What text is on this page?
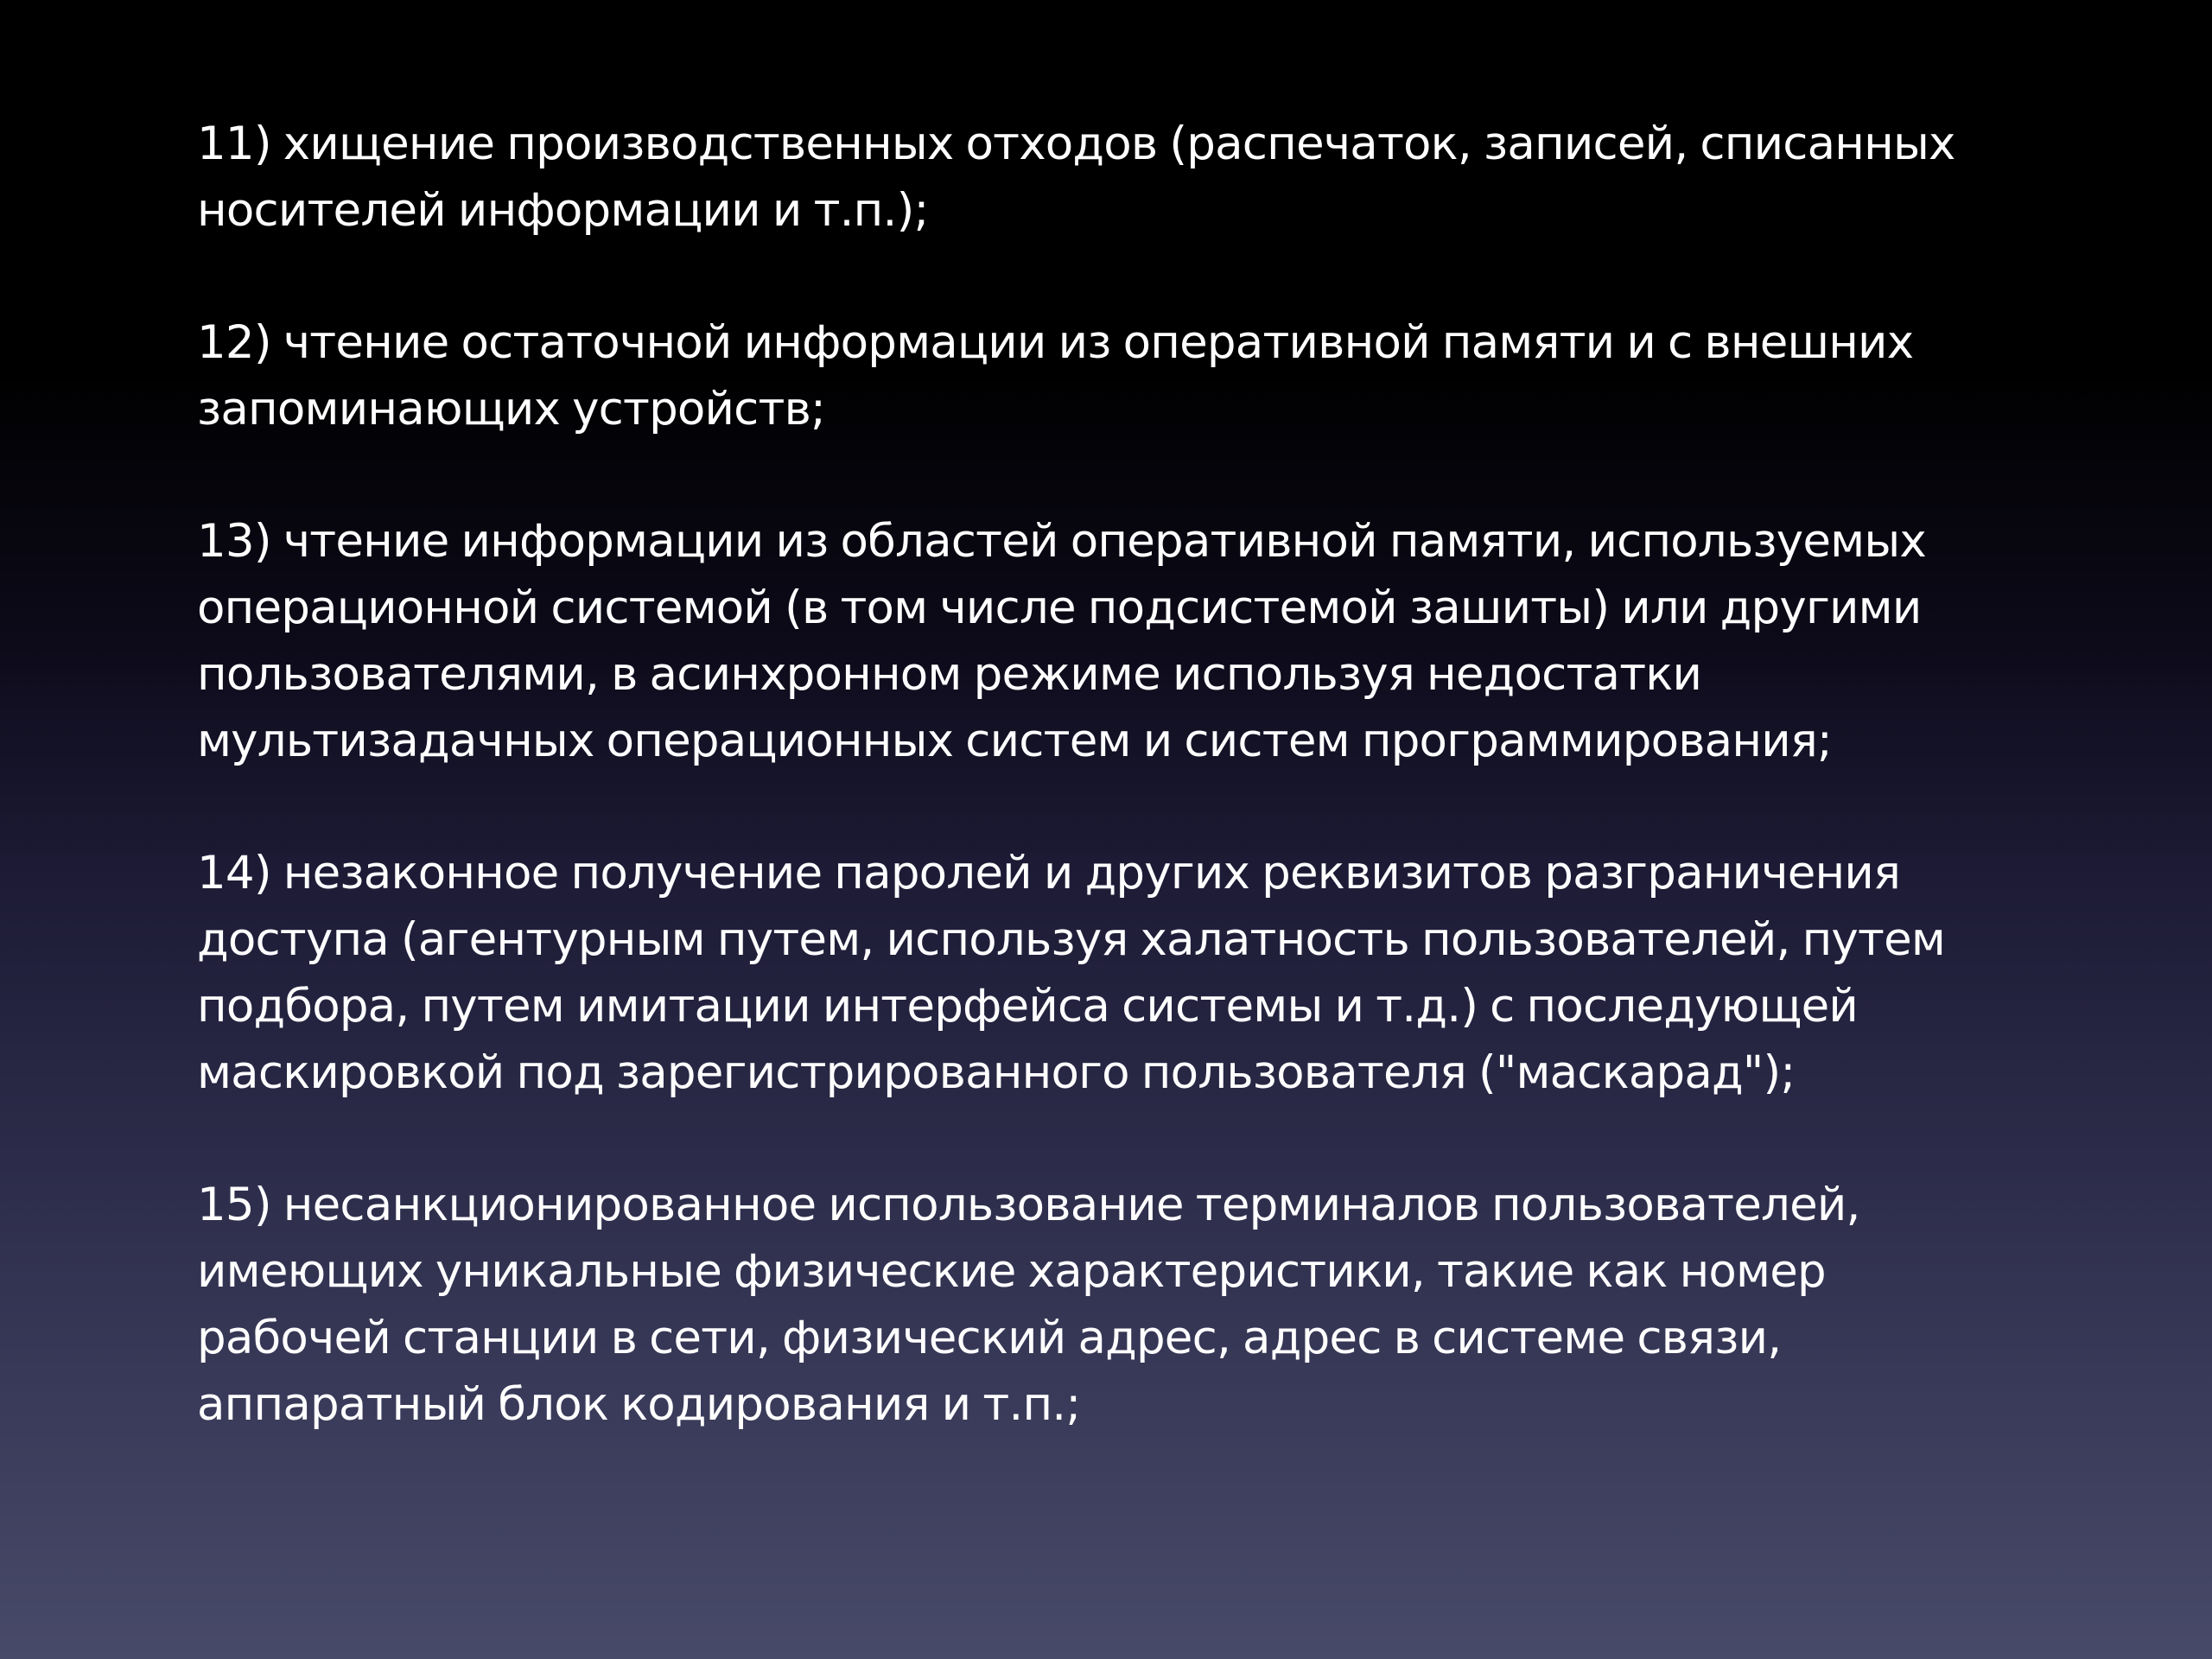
11) хищение производственных отходов (распечаток, записей, списанных
носителей информации и т.п.);

12) чтение остаточной информации из оперативной памяти и с внешних
запоминающих устройств;

13) чтение информации из областей оперативной памяти, используемых
операционной системой (в том числе подсистемой зашиты) или другими
пользователями, в асинхронном режиме используя недостатки
мультизадачных операционных систем и систем программирования;

14) незаконное получение паролей и других реквизитов разграничения
доступа (агентурным путем, используя халатность пользователей, путем
подбора, путем имитации интерфейса системы и т.д.) с последующей
маскировкой под зарегистрированного пользователя ("маскарад");

15) несанкционированное использование терминалов пользователей,
имеющих уникальные физические характеристики, такие как номер
рабочей станции в сети, физический адрес, адрес в системе связи,
аппаратный блок кодирования и т.п.;
